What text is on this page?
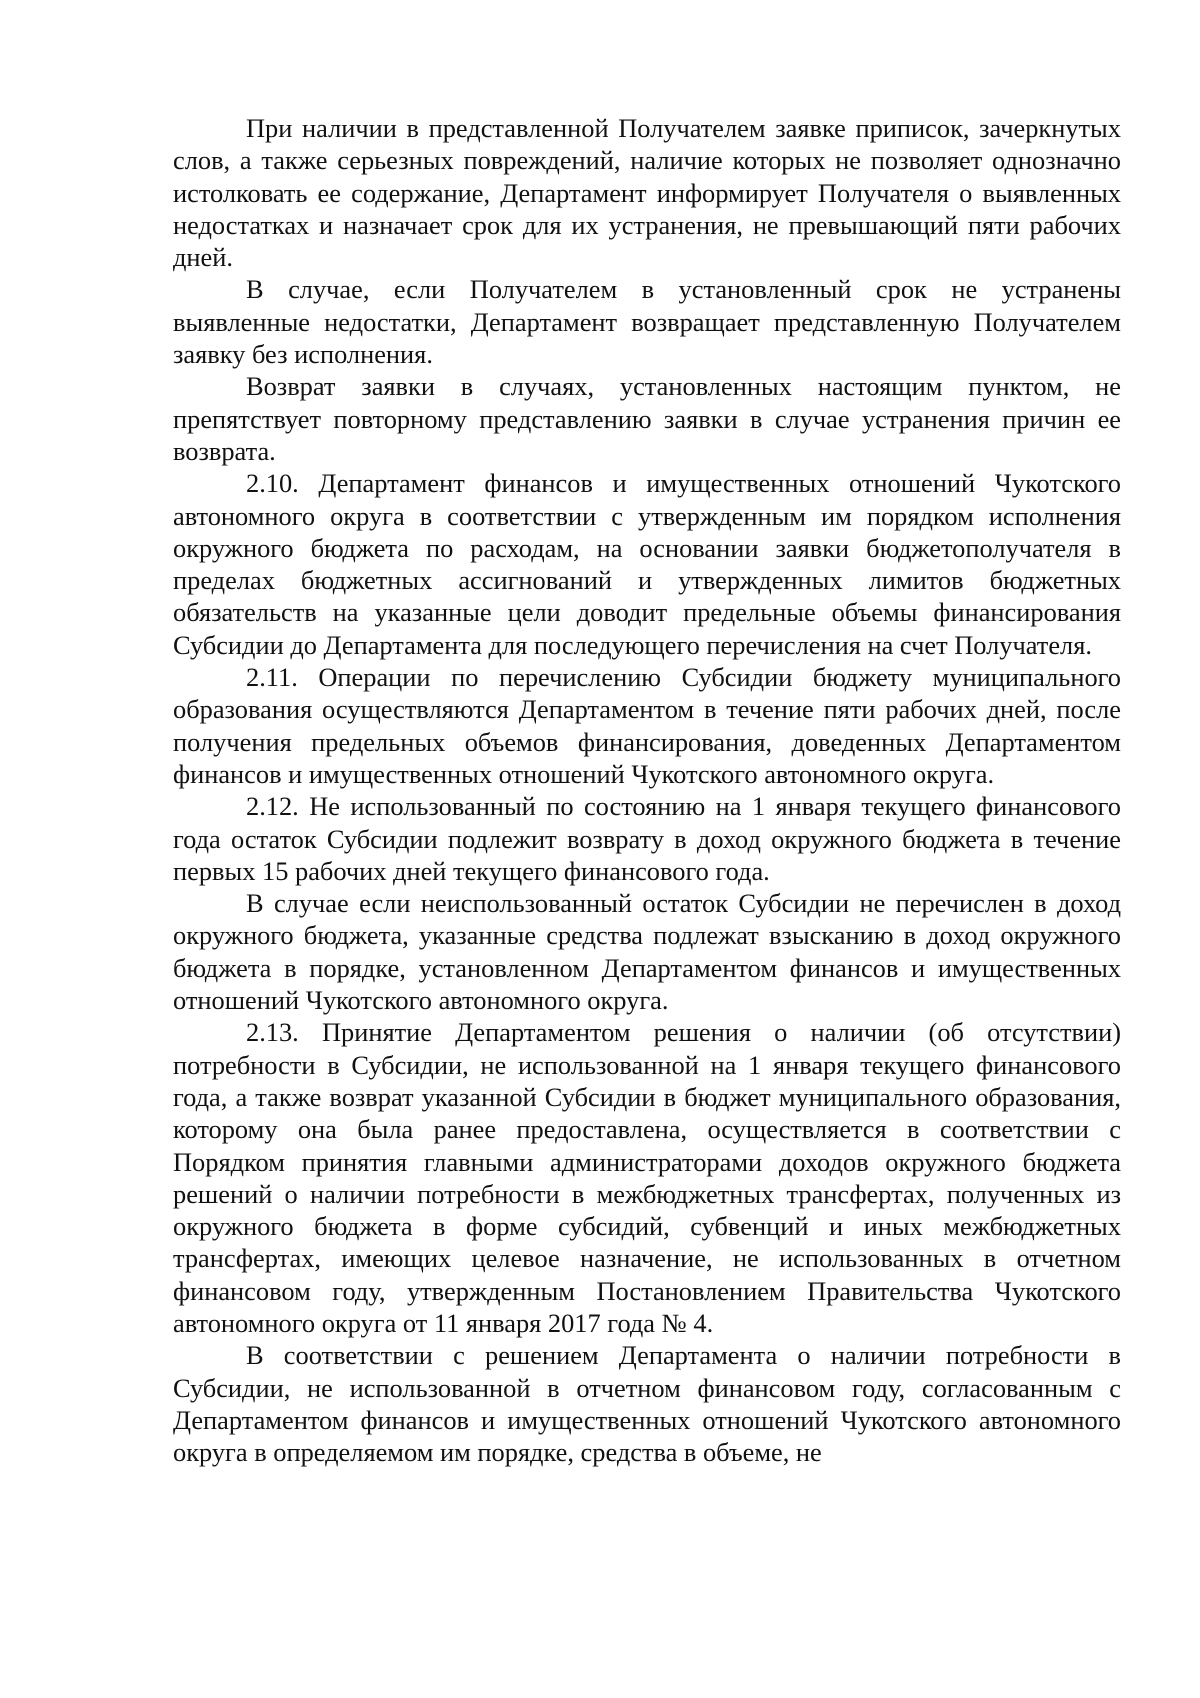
При наличии в представленной Получателем заявке приписок, зачеркнутых слов, а также серьезных повреждений, наличие которых не позволяет однозначно истолковать ее содержание, Департамент информирует Получателя о выявленных недостатках и назначает срок для их устранения, не превышающий пяти рабочих дней.

В случае, если Получателем в установленный срок не устранены выявленные недостатки, Департамент возвращает представленную Получателем заявку без исполнения.

Возврат заявки в случаях, установленных настоящим пунктом, не препятствует повторному представлению заявки в случае устранения причин ее возврата.

2.10. Департамент финансов и имущественных отношений Чукотского автономного округа в соответствии с утвержденным им порядком исполнения окружного бюджета по расходам, на основании заявки бюджетополучателя в пределах бюджетных ассигнований и утвержденных лимитов бюджетных обязательств на указанные цели доводит предельные объемы финансирования Субсидии до Департамента для последующего перечисления на счет Получателя.

2.11. Операции по перечислению Субсидии бюджету муниципального образования осуществляются Департаментом в течение пяти рабочих дней, после получения предельных объемов финансирования, доведенных Департаментом финансов и имущественных отношений Чукотского автономного округа.

2.12. Не использованный по состоянию на 1 января текущего финансового года остаток Субсидии подлежит возврату в доход окружного бюджета в течение первых 15 рабочих дней текущего финансового года.

В случае если неиспользованный остаток Субсидии не перечислен в доход окружного бюджета, указанные средства подлежат взысканию в доход окружного бюджета в порядке, установленном Департаментом финансов и имущественных отношений Чукотского автономного округа.

2.13. Принятие Департаментом решения о наличии (об отсутствии) потребности в Субсидии, не использованной на 1 января текущего финансового года, а также возврат указанной Субсидии в бюджет муниципального образования, которому она была ранее предоставлена, осуществляется в соответствии с Порядком принятия главными администраторами доходов окружного бюджета решений о наличии потребности в межбюджетных трансфертах, полученных из окружного бюджета в форме субсидий, субвенций и иных межбюджетных трансфертах, имеющих целевое назначение, не использованных в отчетном финансовом году, утвержденным Постановлением Правительства Чукотского автономного округа от 11 января 2017 года № 4.

В соответствии с решением Департамента о наличии потребности в Субсидии, не использованной в отчетном финансовом году, согласованным с Департаментом финансов и имущественных отношений Чукотского автономного округа в определяемом им порядке, средства в объеме, не
